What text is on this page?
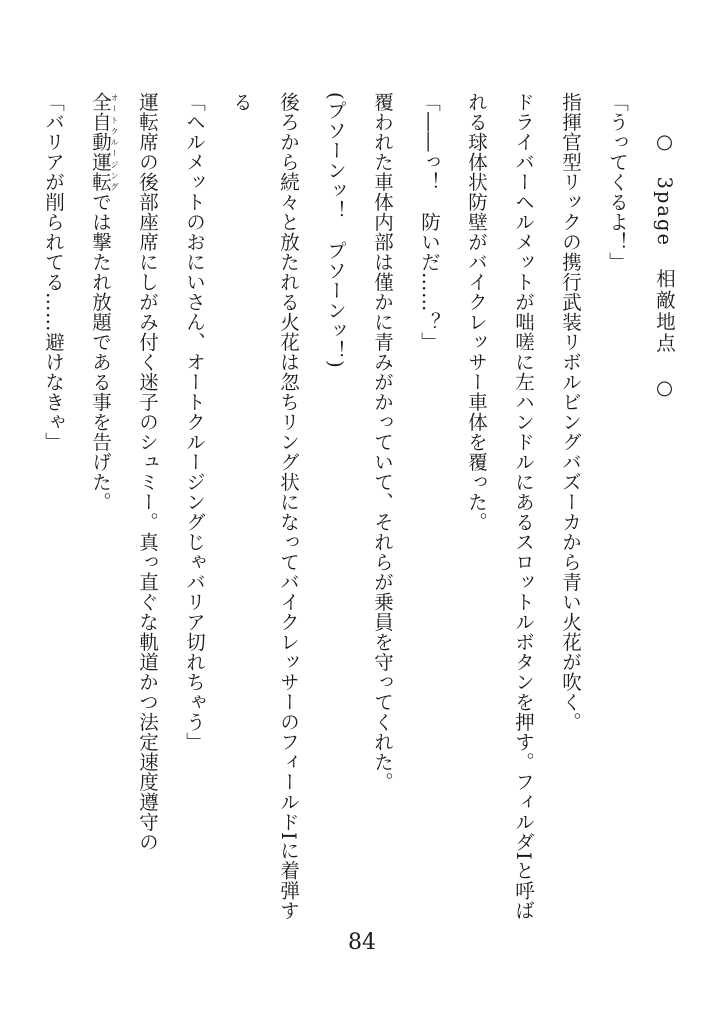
○　3page　相敵地点　○
「うってくるよ！」
指揮官型リックの携行武装リボルビングバズーカから青い火花が吹く。
ドライバーヘルメットが咄嗟に左ハンドルにあるスロットルボタンを押す。フィルダIと呼ば
れる球体状防壁がバイクレッサー車体を覆った。
「――っ！　防いだ……？」
覆われた車体内部は僅かに青みがかっていて、それらが乗員を守ってくれた。
(プソーンッ！　プソーンッ！)
後ろから続々と放たれる火花は忽ちリング状になってバイクレッサーのフィールドIに着弾す
る
「ヘルメットのおにいさん、オートクルージングじゃバリア切れちゃう」
運転席の後部座席にしがみ付く迷子のシュミー。真っ直ぐな軌道かつ法定速度遵守の
全自動運転オートクルージングでは撃たれ放題である事を告げた。
「バリアが削られてる……避けなきゃ」
84
